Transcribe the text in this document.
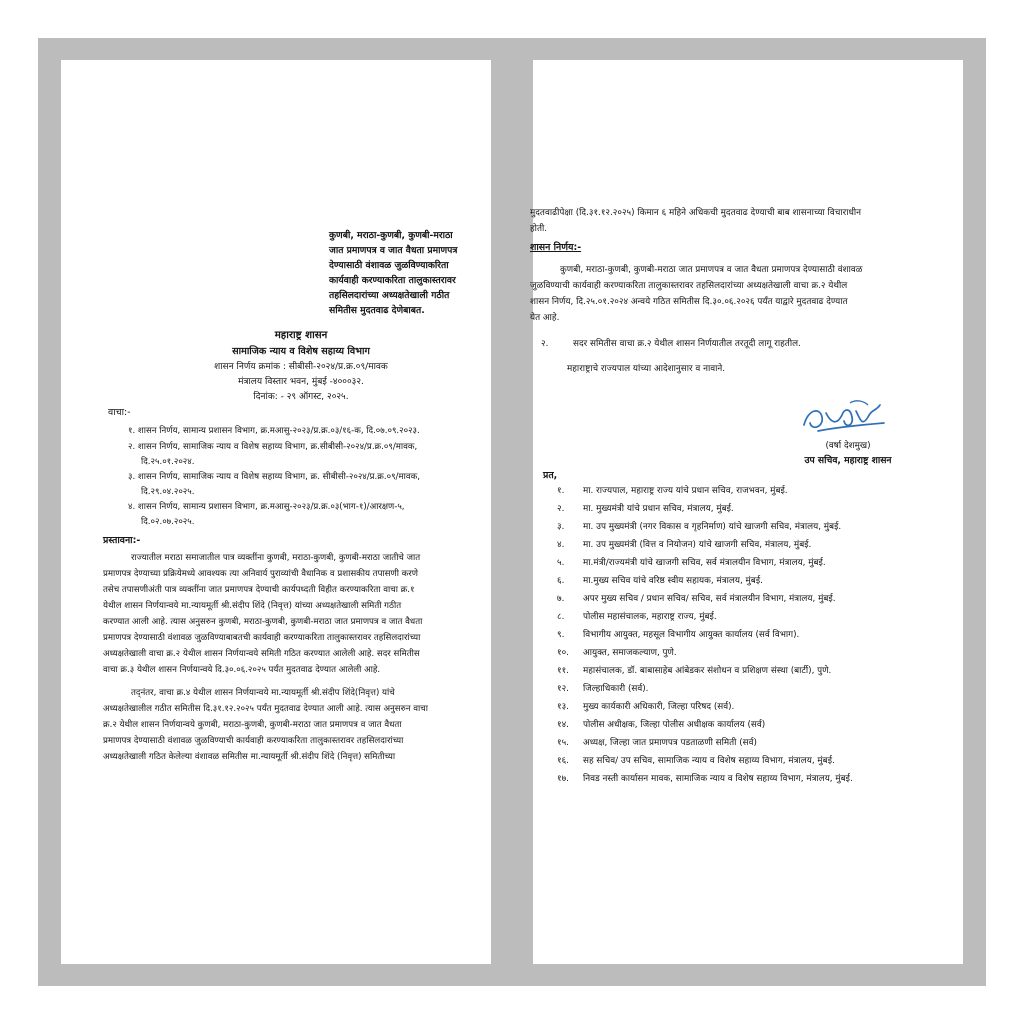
कुणबी, मराठा-कुणबी, कुणबी-मराठा
जात प्रमाणपत्र व जात वैधता प्रमाणपत्र
देण्यासाठी वंशावळ जुळविण्याकरिता
कार्यवाही करण्याकरिता तालुकास्तरावर
तहसिलदारांच्या अध्यक्षतेखाली गठीत
समितीस मुदतवाढ देणेबाबत.
महाराष्ट्र शासन
सामाजिक न्याय व विशेष सहाय्य विभाग
शासन निर्णय क्रमांक : सीबीसी-२०२४/प्र.क्र.०९/मावक
मंत्रालय विस्तार भवन, मुंबई -४०००३२.
दिनांक: - २९ ऑगस्ट, २०२५.
वाचा:-
१. शासन निर्णय, सामान्य प्रशासन विभाग, क्र.मआसु-२०२३/प्र.क्र.०३/१६-क, दि.०७.०९.२०२३.
२. शासन निर्णय, सामाजिक न्याय व विशेष सहाय्य विभाग, क्र.सीबीसी-२०२४/प्र.क्र.०९/मावक,
दि.२५.०१.२०२४.
३. शासन निर्णय, सामाजिक न्याय व विशेष सहाय्य विभाग, क्र. सीबीसी-२०२४/प्र.क्र.०९/मावक,
दि.२९.०४.२०२५.
४. शासन निर्णय, सामान्य प्रशासन विभाग, क्र.मआसु-२०२३/प्र.क्र.०३(भाग-१)/आरक्षण-५,
दि.०२.०७.२०२५.
प्रस्तावना:-
राज्यातील मराठा समाजातील पात्र व्यक्तींना कुणबी, मराठा-कुणबी, कुणबी-मराठा जातीचे जात
प्रमाणपत्र देण्याच्या प्रक्रियेमध्ये आवश्यक त्या अनिवार्य पुराव्यांची वैधानिक व प्रशासकीय तपासणी करणे
तसेच तपासणीअंती पात्र व्यक्तींना जात प्रमाणपत्र देण्याची कार्यपध्दती विहीत करण्याकरिता वाचा क्र.१
येथील शासन निर्णयान्वये मा.न्यायमूर्ती श्री.संदीप शिंदे (निवृत्त) यांच्या अध्यक्षतेखाली समिती गठीत
करण्यात आली आहे. त्यास अनुसरुन कुणबी, मराठा-कुणबी, कुणबी-मराठा जात प्रमाणपत्र व जात वैधता
प्रमाणपत्र देण्यासाठी वंशावळ जुळविण्याबाबतची कार्यवाही करण्याकरिता तालुकास्तरावर तहसिलदारांच्या
अध्यक्षतेखाली वाचा क्र.२ येथील शासन निर्णयान्वये समिती गठित करण्यात आलेली आहे. सदर समितीस
वाचा क्र.३ येथील शासन निर्णयान्वये दि.३०.०६.२०२५ पर्यंत मुदतवाढ देण्यात आलेली आहे.
तद्नंतर, वाचा क्र.४ येथील शासन निर्णयान्वये मा.न्यायमूर्ती श्री.संदीप शिंदे(निवृत्त) यांचे
अध्यक्षतेखालील गठीत समितीस दि.३१.१२.२०२५ पर्यंत मुदतवाढ देण्यात आली आहे. त्यास अनुसरुन वाचा
क्र.२ येथील शासन निर्णयान्वये कुणबी, मराठा-कुणबी, कुणबी-मराठा जात प्रमाणपत्र व जात वैधता
प्रमाणपत्र देण्यासाठी वंशावळ जुळविण्याची कार्यवाही करण्याकरिता तालुकास्तरावर तहसिलदारांच्या
अध्यक्षतेखाली गठित केलेल्या वंशावळ समितीस मा.न्यायमूर्ती श्री.संदीप शिंदे (निवृत्त) समितीच्या
मुदतवाढीपेक्षा (दि.३१.१२.२०२५) किमान ६ महिने अधिकची मुदतवाढ देण्याची बाब शासनाच्या विचाराधीन
होती.
शासन निर्णय:-
कुणबी, मराठा-कुणबी, कुणबी-मराठा जात प्रमाणपत्र व जात वैधता प्रमाणपत्र देण्यासाठी वंशावळ
जुळविण्याची कार्यवाही करण्याकरिता तालुकास्तरावर तहसिलदारांच्या अध्यक्षतेखाली वाचा क्र.२ येथील
शासन निर्णय, दि.२५.०१.२०२४ अन्वये गठित समितीस दि.३०.०६.२०२६ पर्यंत याद्वारे मुदतवाढ देण्यात
येत आहे.
२.	सदर समितीस वाचा क्र.२ येथील शासन निर्णयातील तरतूदी लागू राहतील.
महाराष्ट्राचे राज्यपाल यांच्या आदेशानुसार व नावाने.
(वर्षा देशमुख)
उप सचिव, महाराष्ट्र शासन
प्रत,
१. मा. राज्यपाल, महाराष्ट्र राज्य यांचे प्रधान सचिव, राजभवन, मुंबई.
२. मा. मुख्यमंत्री यांचे प्रधान सचिव, मंत्रालय, मुंबई.
३. मा. उप मुख्यमंत्री (नगर विकास व गृहनिर्माण) यांचे खाजगी सचिव, मंत्रालय, मुंबई.
४. मा. उप मुख्यमंत्री (वित्त व नियोजन) यांचे खाजगी सचिव, मंत्रालय, मुंबई.
५. मा.मंत्री/राज्यमंत्री यांचे खाजगी सचिव, सर्व मंत्रालयीन विभाग, मंत्रालय, मुंबई.
६. मा.मुख्य सचिव यांचे वरिष्ठ स्वीय सहायक, मंत्रालय, मुंबई.
७. अपर मुख्य सचिव / प्रधान सचिव/ सचिव, सर्व मंत्रालयीन विभाग, मंत्रालय, मुंबई.
८. पोलीस महासंचालक, महाराष्ट्र राज्य, मुंबई.
९. विभागीय आयुक्त, महसूल विभागीय आयुक्त कार्यालय (सर्व विभाग).
१०. आयुक्त, समाजकल्याण, पुणे.
११. महासंचालक, डॉ. बाबासाहेब आंबेडकर संशोधन व प्रशिक्षण संस्था (बार्टी), पुणे.
१२. जिल्हाधिकारी (सर्व).
१३. मुख्य कार्यकारी अधिकारी, जिल्हा परिषद (सर्व).
१४. पोलीस अधीक्षक, जिल्हा पोलीस अधीक्षक कार्यालय (सर्व)
१५. अध्यक्ष, जिल्हा जात प्रमाणपत्र पडताळणी समिती (सर्व)
१६. सह सचिव/ उप सचिव, सामाजिक न्याय व विशेष सहाय्य विभाग, मंत्रालय, मुंबई.
१७. निवड नस्ती कार्यासन मावक, सामाजिक न्याय व विशेष सहाय्य विभाग, मंत्रालय, मुंबई.
